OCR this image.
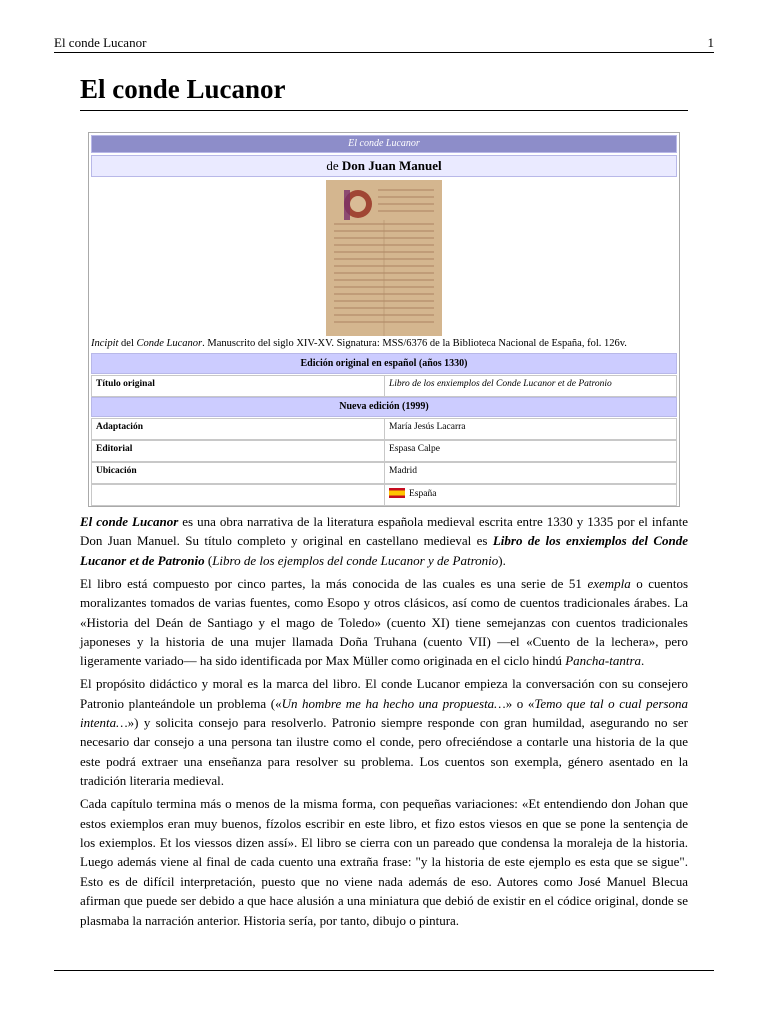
El conde Lucanor	1
El conde Lucanor
El conde Lucanor
de Don Juan Manuel
Incipit del Conde Lucanor. Manuscrito del siglo XIV-XV. Signatura: MSS/6376 de la Biblioteca Nacional de España, fol. 126v.
Edición original en español (años 1330)
Título original	Libro de los enxiemplos del Conde Lucanor et de Patronio
Nueva edición (1999)
Adaptación	María Jesús Lacarra
Editorial	Espasa Calpe
Ubicación	Madrid
España

El conde Lucanor es una obra narrativa de la literatura española medieval escrita entre 1330 y 1335 por el infante Don Juan Manuel. Su título completo y original en castellano medieval es Libro de los enxiemplos del Conde Lucanor et de Patronio (Libro de los ejemplos del conde Lucanor y de Patronio).

El libro está compuesto por cinco partes, la más conocida de las cuales es una serie de 51 exempla o cuentos moralizantes tomados de varias fuentes, como Esopo y otros clásicos, así como de cuentos tradicionales árabes. La «Historia del Deán de Santiago y el mago de Toledo» (cuento XI) tiene semejanzas con cuentos tradicionales japoneses y la historia de una mujer llamada Doña Truhana (cuento VII) —el «Cuento de la lechera», pero ligeramente variado— ha sido identificada por Max Müller como originada en el ciclo hindú Pancha-tantra.

El propósito didáctico y moral es la marca del libro. El conde Lucanor empieza la conversación con su consejero Patronio planteándole un problema («Un hombre me ha hecho una propuesta…» o «Temo que tal o cual persona intenta…») y solicita consejo para resolverlo. Patronio siempre responde con gran humildad, asegurando no ser necesario dar consejo a una persona tan ilustre como el conde, pero ofreciéndose a contarle una historia de la que este podrá extraer una enseñanza para resolver su problema. Los cuentos son exempla, género asentado en la tradición literaria medieval.

Cada capítulo termina más o menos de la misma forma, con pequeñas variaciones: «Et entendiendo don Johan que estos exiemplos eran muy buenos, fízolos escribir en este libro, et fizo estos viesos en que se pone la sentençia de los exiemplos. Et los viessos dizen assí». El libro se cierra con un pareado que condensa la moraleja de la historia. Luego además viene al final de cada cuento una extraña frase: "y la historia de este ejemplo es esta que se sigue". Esto es de difícil interpretación, puesto que no viene nada además de eso. Autores como José Manuel Blecua afirman que puede ser debido a que hace alusión a una miniatura que debió de existir en el códice original, donde se plasmaba la narración anterior. Historia sería, por tanto, dibujo o pintura.
